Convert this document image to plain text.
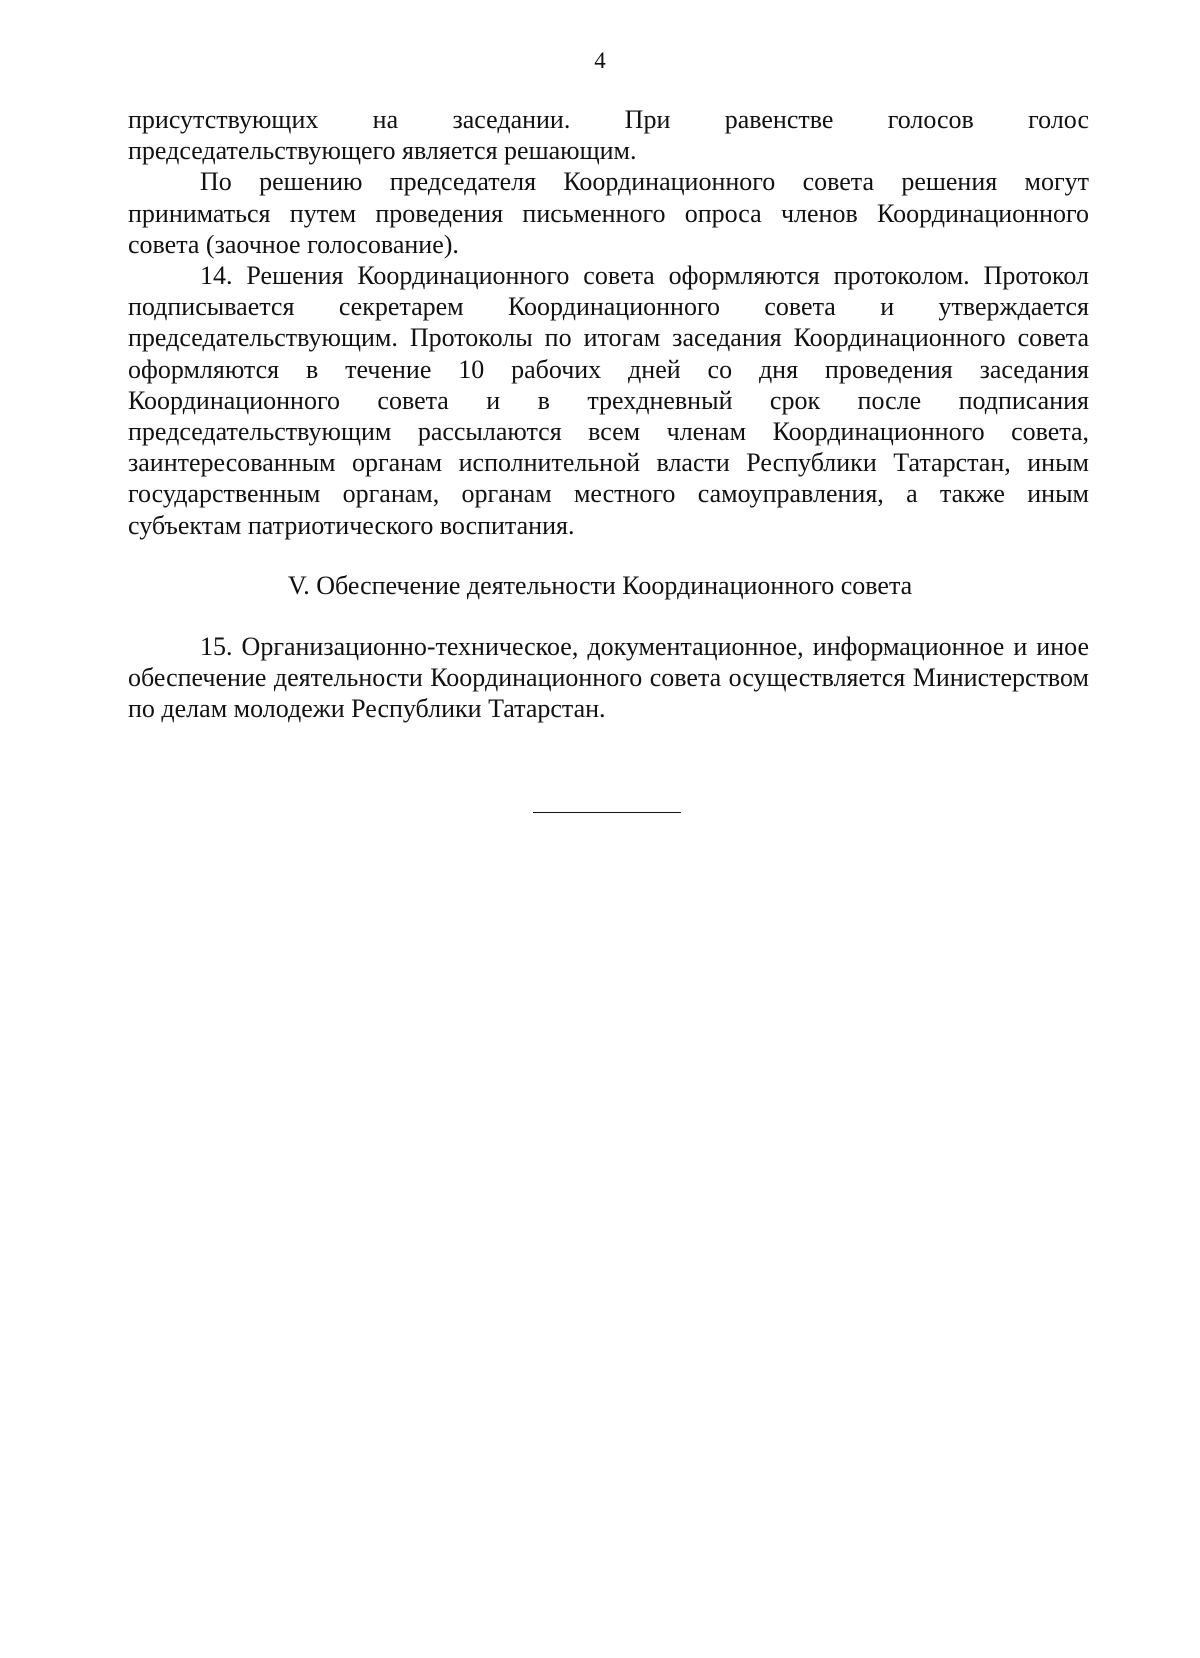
4

присутствующих на заседании. При равенстве голосов голос
председательствующего является решающим.

По решению председателя Координационного совета решения могут приниматься путем проведения письменного опроса членов Координационного совета (заочное голосование).

14. Решения Координационного совета оформляются протоколом. Протокол подписывается секретарем Координационного совета и утверждается председательствующим. Протоколы по итогам заседания Координационного совета оформляются в течение 10 рабочих дней со дня проведения заседания Координационного совета и в трехдневный срок после подписания председательствующим рассылаются всем членам Координационного совета, заинтересованным органам исполнительной власти Республики Татарстан, иным государственным органам, органам местного самоуправления, а также иным субъектам патриотического воспитания.

V. Обеспечение деятельности Координационного совета

15. Организационно-техническое, документационное, информационное и иное обеспечение деятельности Координационного совета осуществляется Министерством по делам молодежи Республики Татарстан.
